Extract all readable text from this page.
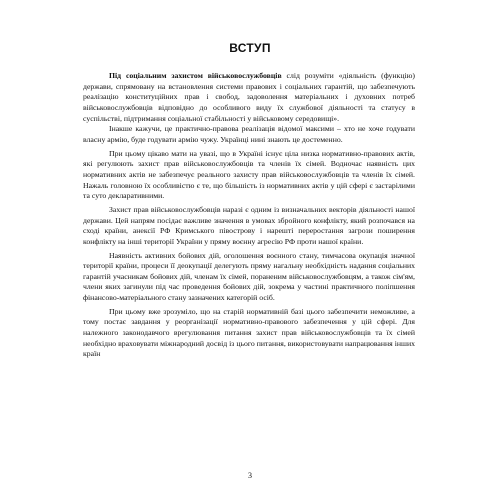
ВСТУП

Під соціальним захистом військовослужбовців слід розуміти «діяльність (функцію) держави, спрямовану на встановлення системи правових і соціальних гарантій, що забезпечують реалізацію конституційних прав і свобод, задоволення матеріальних і духовних потреб військовослужбовців відповідно до особливого виду їх службової діяльності та статусу в суспільстві, підтримання соціальної стабільності у військовому середовищі».

Інакше кажучи, це практично-правова реалізація відомої максими – хто не хоче годувати власну армію, буде годувати армію чужу. Українці нині знають це достеменно.

При цьому цікаво мати на увазі, що в Україні існує ціла низка нормативно-правових актів, які регулюють захист прав військовослужбовців та членів їх сімей. Водночас наявність цих нормативних актів не забезпечує реального захисту прав військовослужбовців та членів їх сімей. Нажаль головною їх особливістю є те, що більшість із нормативних актів у цій сфері є застарілими та суто декларативними.

Захист прав військовослужбовців наразі є одним із визначальних векторів діяльності нашої держави. Цей напрям посідає важливе значення в умовах збройного конфлікту, який розпочався на сході країни, анексії РФ Кримського півострову і нарешті переростання загрози поширення конфлікту на інші території України у пряму воєнну агресію РФ проти нашої країни.

Наявність активних бойових дій, оголошення воєнного стану, тимчасова окупація значної території країни, процеси її деокупації делегують пряму нагальну необхідність надання соціальних гарантій учасникам бойових дій, членам їх сімей, пораненим військовослужбовцям, а також сім'ям, члени яких загинули під час проведення бойових дій, зокрема у частині практичного поліпшення фінансово-матеріального стану зазначених категорій осіб.

При цьому вже зрозуміло, що на старій нормативній базі цього забезпечити неможливе, а тому постає завдання у реорганізації нормативно-правового забезпечення у цій сфері. Для належного законодавчого врегулювання питання захист прав військовослужбовців та їх сімей необхідно враховувати міжнародний досвід із цього питання, використовувати напрацювання інших країн

3
